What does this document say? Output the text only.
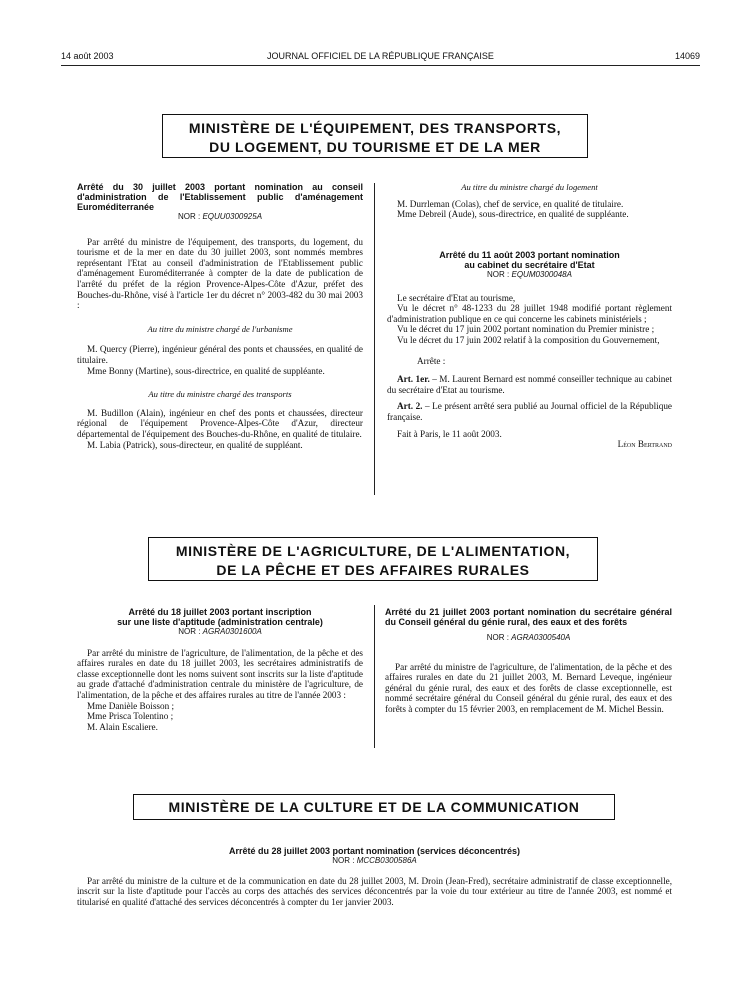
14 août 2003	JOURNAL OFFICIEL DE LA RÉPUBLIQUE FRANÇAISE	14069
MINISTÈRE DE L'ÉQUIPEMENT, DES TRANSPORTS,
DU LOGEMENT, DU TOURISME ET DE LA MER

Arrêté du 30 juillet 2003 portant nomination au conseil d'administration de l'Etablissement public d'aménagement Euroméditerranée

NOR : EQUU0300925A

Par arrêté du ministre de l'équipement, des transports, du logement, du tourisme et de la mer en date du 30 juillet 2003, sont nommés membres représentant l'Etat au conseil d'administration de l'Etablissement public d'aménagement Euroméditerranée à compter de la date de publication de l'arrêté du préfet de la région Provence-Alpes-Côte d'Azur, préfet des Bouches-du-Rhône, visé à l'article 1er du décret n° 2003-482 du 30 mai 2003 :

Au titre du ministre chargé de l'urbanisme

M. Quercy (Pierre), ingénieur général des ponts et chaussées, en qualité de titulaire.

Mme Bonny (Martine), sous-directrice, en qualité de suppléante.

Au titre du ministre chargé des transports

M. Budillon (Alain), ingénieur en chef des ponts et chaussées, directeur régional de l'équipement Provence-Alpes-Côte d'Azur, directeur départemental de l'équipement des Bouches-du-Rhône, en qualité de titulaire.

M. Labia (Patrick), sous-directeur, en qualité de suppléant.

Au titre du ministre chargé du logement

M. Durrleman (Colas), chef de service, en qualité de titulaire.

Mme Debreil (Aude), sous-directrice, en qualité de suppléante.

Arrêté du 11 août 2003 portant nomination

au cabinet du secrétaire d'Etat

NOR : EQUM0300048A

Le secrétaire d'Etat au tourisme,

Vu le décret n° 48-1233 du 28 juillet 1948 modifié portant règlement d'administration publique en ce qui concerne les cabinets ministériels ;

Vu le décret du 17 juin 2002 portant nomination du Premier ministre ;

Vu le décret du 17 juin 2002 relatif à la composition du Gouvernement,

Arrête :

Art. 1er. – M. Laurent Bernard est nommé conseiller technique au cabinet du secrétaire d'Etat au tourisme.

Art. 2. – Le présent arrêté sera publié au Journal officiel de la République française.

Fait à Paris, le 11 août 2003.

Léon Bertrand

MINISTÈRE DE L'AGRICULTURE, DE L'ALIMENTATION,
DE LA PÊCHE ET DES AFFAIRES RURALES

Arrêté du 18 juillet 2003 portant inscription

sur une liste d'aptitude (administration centrale)

NOR : AGRA0301600A

Par arrêté du ministre de l'agriculture, de l'alimentation, de la pêche et des affaires rurales en date du 18 juillet 2003, les secrétaires administratifs de classe exceptionnelle dont les noms suivent sont inscrits sur la liste d'aptitude au grade d'attaché d'administration centrale du ministère de l'agriculture, de l'alimentation, de la pêche et des affaires rurales au titre de l'année 2003 :

Mme Danièle Boisson ;

Mme Prisca Tolentino ;

M. Alain Escaliere.

Arrêté du 21 juillet 2003 portant nomination du secrétaire général du Conseil général du génie rural, des eaux et des forêts

NOR : AGRA0300540A

Par arrêté du ministre de l'agriculture, de l'alimentation, de la pêche et des affaires rurales en date du 21 juillet 2003, M. Bernard Leveque, ingénieur général du génie rural, des eaux et des forêts de classe exceptionnelle, est nommé secrétaire général du Conseil général du génie rural, des eaux et des forêts à compter du 15 février 2003, en remplacement de M. Michel Bessin.

MINISTÈRE DE LA CULTURE ET DE LA COMMUNICATION

Arrêté du 28 juillet 2003 portant nomination (services déconcentrés)

NOR : MCCB0300586A

Par arrêté du ministre de la culture et de la communication en date du 28 juillet 2003, M. Droin (Jean-Fred), secrétaire administratif de classe exceptionnelle, inscrit sur la liste d'aptitude pour l'accès au corps des attachés des services déconcentrés par la voie du tour extérieur au titre de l'année 2003, est nommé et titularisé en qualité d'attaché des services déconcentrés à compter du 1er janvier 2003.
